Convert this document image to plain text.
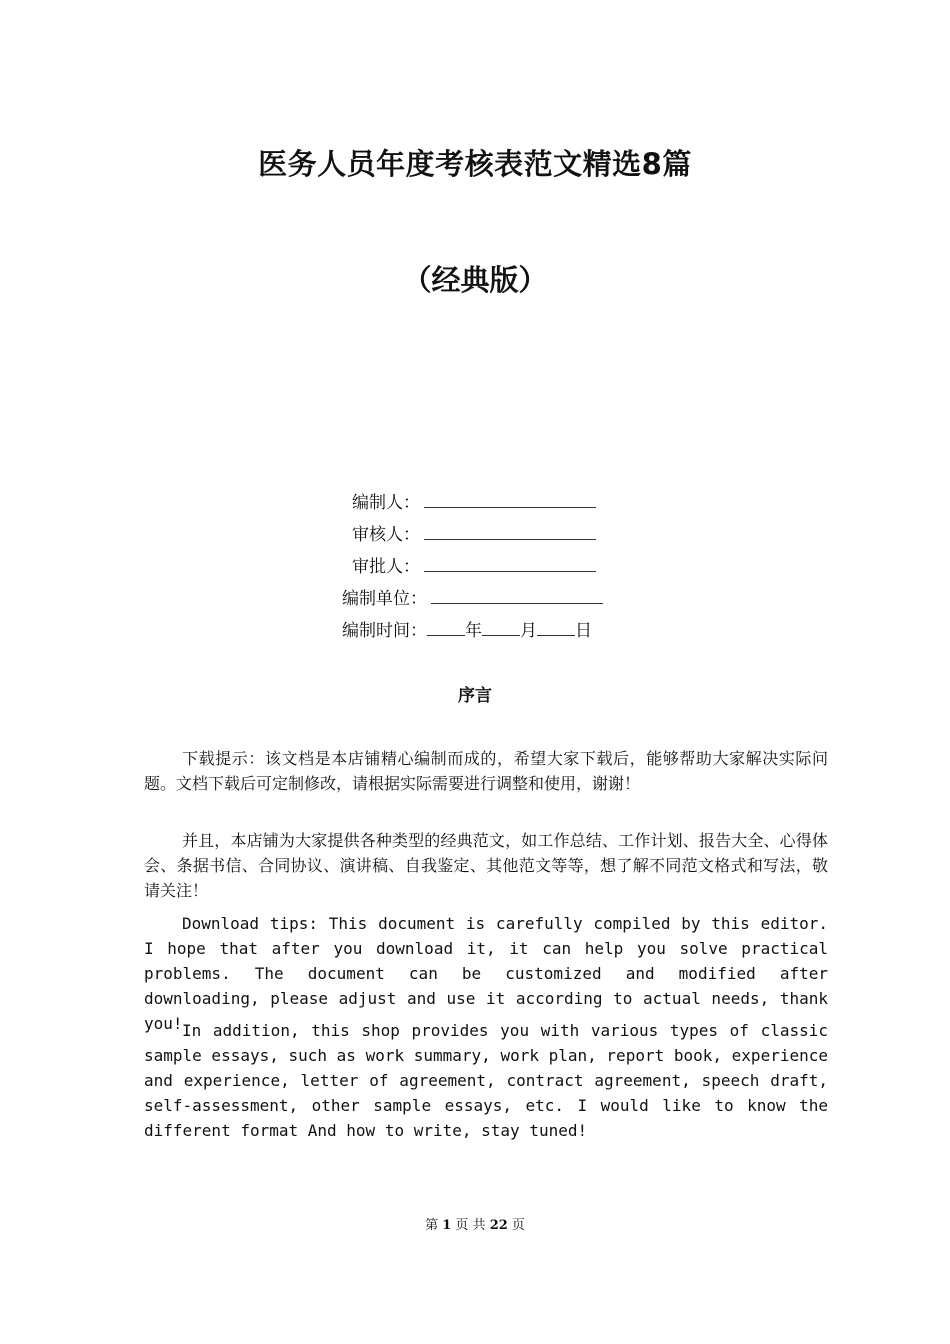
医务人员年度考核表范文精选8篇
（经典版）
编制人：
审核人：
审批人：
编制单位：
编制时间： 年 月 日
序言

下载提示：该文档是本店铺精心编制而成的，希望大家下载后，能够帮助大家解决实际问题。文档下载后可定制修改，请根据实际需要进行调整和使用，谢谢！

并且，本店铺为大家提供各种类型的经典范文，如工作总结、工作计划、报告大全、心得体会、条据书信、合同协议、演讲稿、自我鉴定、其他范文等等，想了解不同范文格式和写法，敬请关注！

Download tips: This document is carefully compiled by this editor. I hope that after you download it, it can help you solve practical problems. The document can be customized and modified after downloading, please adjust and use it according to actual needs, thank you! In addition, this shop provides you with various types of classic sample essays, such as work summary, work plan, report book, experience and experience, letter of agreement, contract agreement, speech draft, self-assessment, other sample essays, etc. I would like to know the different format And how to write, stay tuned!

第 1 页 共 22 页
